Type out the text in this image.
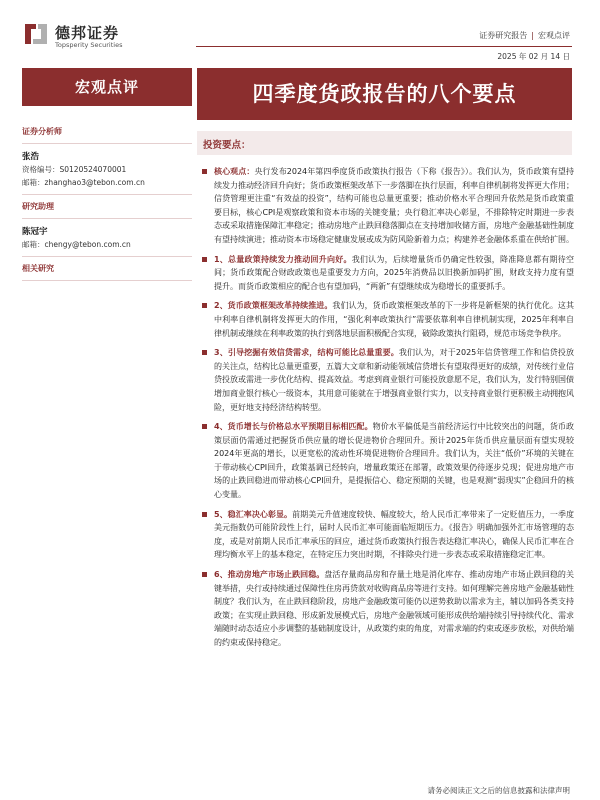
德邦证券
Topsperity Securities
证券研究报告 | 宏观点评
2025 年 02 月 14 日
宏观点评	四季度货政报告的八个要点
证券分析师
张浩
资格编号：S0120524070001
邮箱：zhanghao3@tebon.com.cn
研究助理
陈冠宇
邮箱：chengy@tebon.com.cn
相关研究
投资要点：
核心观点：央行发布2024年第四季度货币政策执行报告（下称《报告》）。我们认为，货币政策有望持续发力推动经济回升向好；货币政策框架改革下一步落脚在执行层面，利率自律机制将发挥更大作用；信贷管理更注重“有效益的投资”，结构可能也总量更重要；推动价格水平合理回升依然是货币政策重要目标，核心CPI是观察政策和资本市场的关键变量；央行稳汇率决心彰显，不排除特定时期进一步表态或采取措施保障汇率稳定；推动房地产止跌回稳落脚点在支持增加收储方面，房地产金融基础性制度有望持续演进；推动资本市场稳定健康发展或成为防风险新着力点；构建养老金融体系重在供给扩围。
1、总量政策持续发力推动回升向好。我们认为，后续增量货币仍确定性较强，降准降息都有期待空间；货币政策配合财政政策也是重要发力方向，2025年消费品以旧换新加码扩围，财政支持力度有望提升。而货币政策相应的配合也有望加码，“两新”有望继续成为稳增长的重要抓手。
2、货币政策框架改革持续推进。我们认为，货币政策框架改革的下一步将是新框架的执行优化。这其中利率自律机制将发挥更大的作用，“强化利率政策执行”需要依靠利率自律机制实现，2025年利率自律机制或继续在利率政策的执行到落地层面积极配合实现，破除政策执行阻碍，规范市场竞争秩序。
3、引导挖掘有效信贷需求，结构可能比总量重要。我们认为，对于2025年信贷管理工作和信贷投放的关注点，结构比总量更重要，五篇大文章和新动能领域信贷增长有望取得更好的成绩，对传统行业信贷投放或需进一步优化结构、提高效益。考虑到商业银行可能投放意愿不足，我们认为，发行特别国债增加商业银行核心一级资本，其用意可能就在于增强商业银行实力，以支持商业银行更积极主动拥抱风险，更好地支持经济结构转型。
4、货币增长与价格总水平预期目标相匹配。物价水平偏低是当前经济运行中比较突出的问题，货币政策层面仍需通过把握货币供应量的增长促进物价合理回升。预计2025年货币供应量层面有望实现较2024年更高的增长，以更宽松的流动性环境促进物价合理回升。我们认为，关注“低价”环境的关键在于带动核心CPI回升，政策基调已经转向，增量政策还在部署，政策效果仍待逐步兑现；促进房地产市场的止跌回稳进而带动核心CPI回升，是提振信心、稳定预期的关键，也是观测“弱现实”企稳回升的核心变量。
5、稳汇率决心彰显。前期美元升值速度较快、幅度较大，给人民币汇率带来了一定贬值压力，一季度美元指数仍可能阶段性上行，届时人民币汇率可能面临短期压力。《报告》明确加强外汇市场管理的态度，或是对前期人民币汇率承压的回应，通过货币政策执行报告表达稳汇率决心，确保人民币汇率在合理均衡水平上的基本稳定，在特定压力突出时期，不排除央行进一步表态或采取措施稳定汇率。
6、推动房地产市场止跌回稳。盘活存量商品房和存量土地是消化库存、推动房地产市场止跌回稳的关键举措，央行或持续通过保障性住房再贷款对收购商品房等进行支持。如何理解完善房地产金融基础性制度？我们认为，在止跌回稳阶段，房地产金融政策可能仍以逆势救助以需求为主，辅以加码各类支持政策；在实现止跌回稳、形成新发展模式后，房地产金融领域可能形成供给端持续引导持续代化、需求端随时动态适应小步调整的基础制度设计，从政策约束的角度，对需求端的约束或逐步放松，对供给端的约束或保持稳定。
请务必阅读正文之后的信息披露和法律声明
